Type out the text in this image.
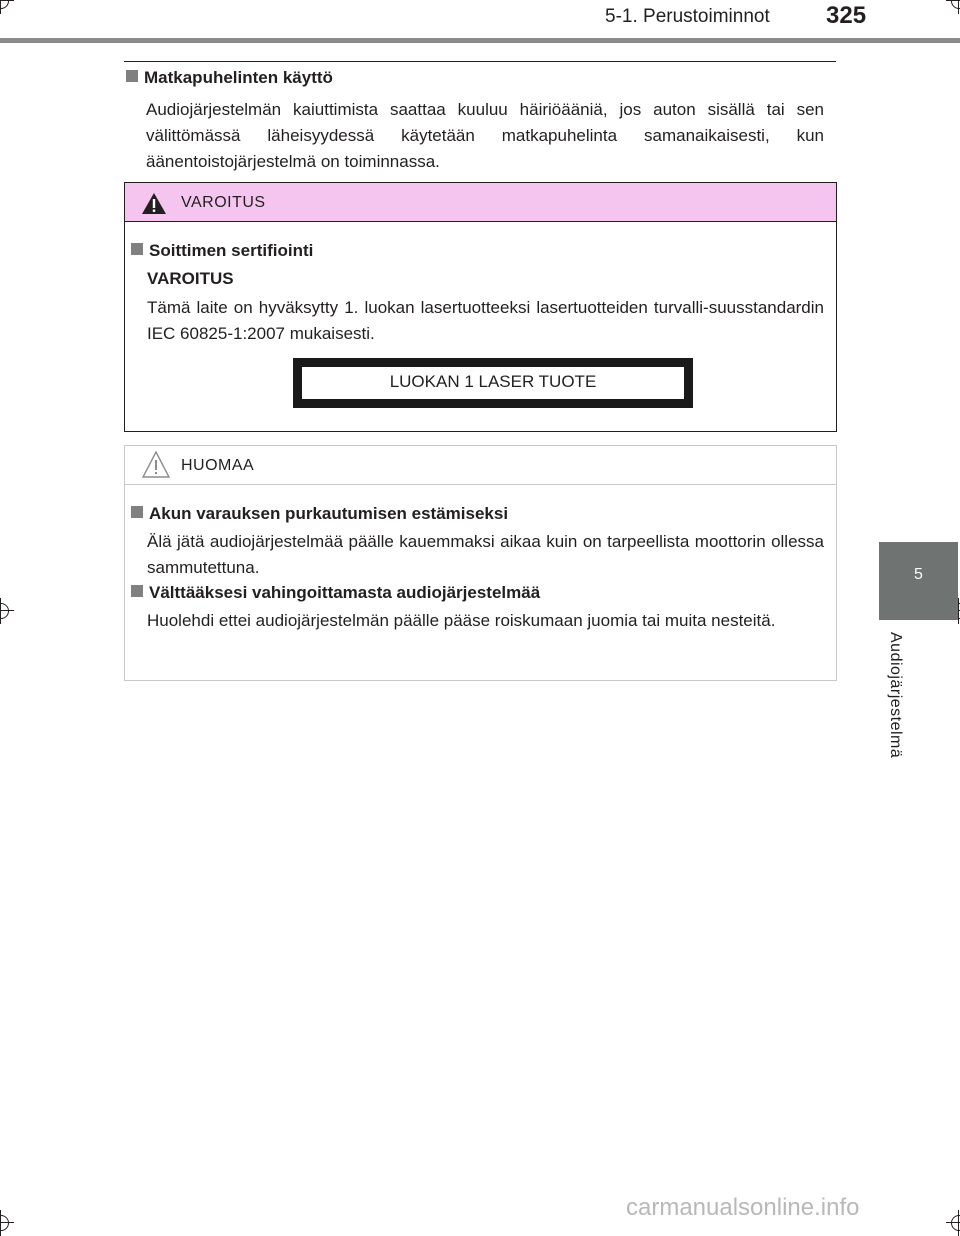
5-1. Perustoiminnot 325
5
Audiojärjestelmä
Matkapuhelinten käyttö
Audiojärjestelmän kaiuttimista saattaa kuuluu häiriöääniä, jos auton sisällä tai sen välittömässä läheisyydessä käytetään matkapuhelinta samanaikaisesti, kun äänentoistojärjestelmä on toiminnassa.
VAROITUS
Soittimen sertifiointi
VAROITUS
Tämä laite on hyväksytty 1. luokan lasertuotteeksi lasertuotteiden turvalli-suusstandardin IEC 60825-1:2007 mukaisesti.
LUOKAN 1 LASER TUOTE
HUOMAA
Akun varauksen purkautumisen estämiseksi
Älä jätä audiojärjestelmää päälle kauemmaksi aikaa kuin on tarpeellista moottorin ollessa sammutettuna.
Välttääksesi vahingoittamasta audiojärjestelmää
Huolehdi ettei audiojärjestelmän päälle pääse roiskumaan juomia tai muita nesteitä.
carmanualsonline.info
